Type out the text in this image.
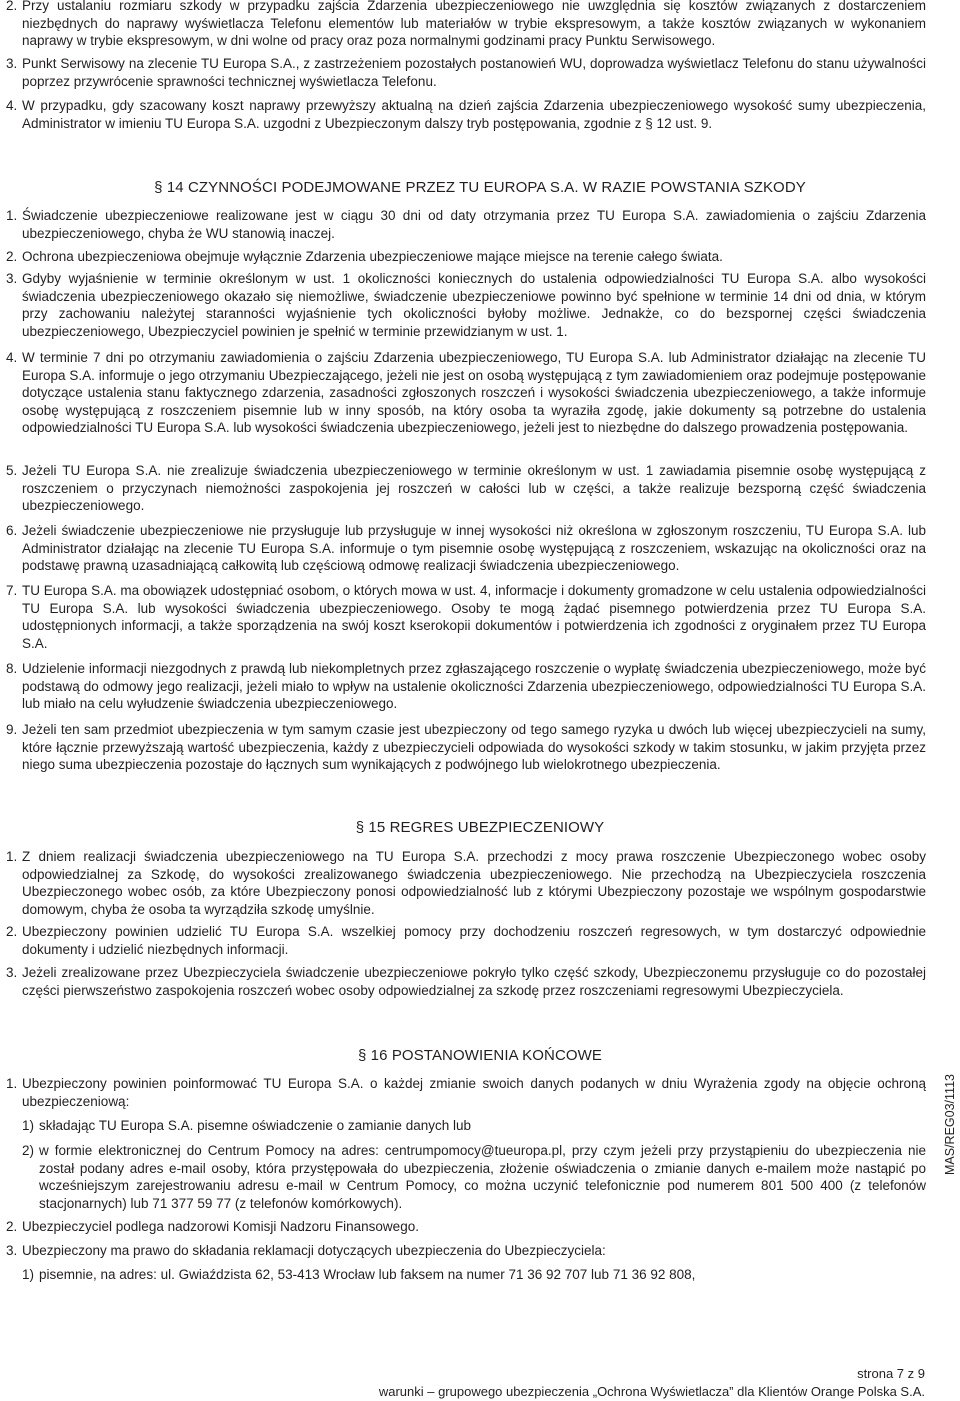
2. Przy ustalaniu rozmiaru szkody w przypadku zajścia Zdarzenia ubezpieczeniowego nie uwzględnia się kosztów związanych z dostarczeniem niezbędnych do naprawy wyświetlacza Telefonu elementów lub materiałów w trybie ekspresowym, a także kosztów związanych w wykonaniem naprawy w trybie ekspresowym, w dni wolne od pracy oraz poza normalnymi godzinami pracy Punktu Serwisowego.
3. Punkt Serwisowy na zlecenie TU Europa S.A., z zastrzeżeniem pozostałych postanowień WU, doprowadza wyświetlacz Telefonu do stanu używalności poprzez przywrócenie sprawności technicznej wyświetlacza Telefonu.
4. W przypadku, gdy szacowany koszt naprawy przewyższy aktualną na dzień zajścia Zdarzenia ubezpieczeniowego wysokość sumy ubezpieczenia, Administrator w imieniu TU Europa S.A. uzgodni z Ubezpieczonym dalszy tryb postępowania, zgodnie z § 12 ust. 9.
§ 14 CZYNNOŚCI PODEJMOWANE PRZEZ TU EUROPA S.A. W RAZIE POWSTANIA SZKODY
1. Świadczenie ubezpieczeniowe realizowane jest w ciągu 30 dni od daty otrzymania przez TU Europa S.A. zawiadomienia o zajściu Zdarzenia ubezpieczeniowego, chyba że WU stanowią inaczej.
2. Ochrona ubezpieczeniowa obejmuje wyłącznie Zdarzenia ubezpieczeniowe mające miejsce na terenie całego świata.
3. Gdyby wyjaśnienie w terminie określonym w ust. 1 okoliczności koniecznych do ustalenia odpowiedzialności TU Europa S.A. albo wysokości świadczenia ubezpieczeniowego okazało się niemożliwe, świadczenie ubezpieczeniowe powinno być spełnione w terminie 14 dni od dnia, w którym przy zachowaniu należytej staranności wyjaśnienie tych okoliczności byłoby możliwe. Jednakże, co do bezspornej części świadczenia ubezpieczeniowego, Ubezpieczyciel powinien je spełnić w terminie przewidzianym w ust. 1.
4. W terminie 7 dni po otrzymaniu zawiadomienia o zajściu Zdarzenia ubezpieczeniowego, TU Europa S.A. lub Administrator działając na zlecenie TU Europa S.A. informuje o jego otrzymaniu Ubezpieczającego, jeżeli nie jest on osobą występującą z tym zawiadomieniem oraz podejmuje postępowanie dotyczące ustalenia stanu faktycznego zdarzenia, zasadności zgłoszonych roszczeń i wysokości świadczenia ubezpieczeniowego, a także informuje osobę występującą z roszczeniem pisemnie lub w inny sposób, na który osoba ta wyraziła zgodę, jakie dokumenty są potrzebne do ustalenia odpowiedzialności TU Europa S.A. lub wysokości świadczenia ubezpieczeniowego, jeżeli jest to niezbędne do dalszego prowadzenia postępowania.
5. Jeżeli TU Europa S.A. nie zrealizuje świadczenia ubezpieczeniowego w terminie określonym w ust. 1 zawiadamia pisemnie osobę występującą z roszczeniem o przyczynach niemożności zaspokojenia jej roszczeń w całości lub w części, a także realizuje bezsporną część świadczenia ubezpieczeniowego.
6. Jeżeli świadczenie ubezpieczeniowe nie przysługuje lub przysługuje w innej wysokości niż określona w zgłoszonym roszczeniu, TU Europa S.A. lub Administrator działając na zlecenie TU Europa S.A. informuje o tym pisemnie osobę występującą z roszczeniem, wskazując na okoliczności oraz na podstawę prawną uzasadniającą całkowitą lub częściową odmowę realizacji świadczenia ubezpieczeniowego.
7. TU Europa S.A. ma obowiązek udostępniać osobom, o których mowa w ust. 4, informacje i dokumenty gromadzone w celu ustalenia odpowiedzialności TU Europa S.A. lub wysokości świadczenia ubezpieczeniowego. Osoby te mogą żądać pisemnego potwierdzenia przez TU Europa S.A. udostępnionych informacji, a także sporządzenia na swój koszt kserokopii dokumentów i potwierdzenia ich zgodności z oryginałem przez TU Europa S.A.
8. Udzielenie informacji niezgodnych z prawdą lub niekompletnych przez zgłaszającego roszczenie o wypłatę świadczenia ubezpieczeniowego, może być podstawą do odmowy jego realizacji, jeżeli miało to wpływ na ustalenie okoliczności Zdarzenia ubezpieczeniowego, odpowiedzialności TU Europa S.A. lub miało na celu wyłudzenie świadczenia ubezpieczeniowego.
9. Jeżeli ten sam przedmiot ubezpieczenia w tym samym czasie jest ubezpieczony od tego samego ryzyka u dwóch lub więcej ubezpieczycieli na sumy, które łącznie przewyższają wartość ubezpieczenia, każdy z ubezpieczycieli odpowiada do wysokości szkody w takim stosunku, w jakim przyjęta przez niego suma ubezpieczenia pozostaje do łącznych sum wynikających z podwójnego lub wielokrotnego ubezpieczenia.
§ 15 REGRES UBEZPIECZENIOWY
1. Z dniem realizacji świadczenia ubezpieczeniowego na TU Europa S.A. przechodzi z mocy prawa roszczenie Ubezpieczonego wobec osoby odpowiedzialnej za Szkodę, do wysokości zrealizowanego świadczenia ubezpieczeniowego. Nie przechodzą na Ubezpieczyciela roszczenia Ubezpieczonego wobec osób, za które Ubezpieczony ponosi odpowiedzialność lub z którymi Ubezpieczony pozostaje we wspólnym gospodarstwie domowym, chyba że osoba ta wyrządziła szkodę umyślnie.
2. Ubezpieczony powinien udzielić TU Europa S.A. wszelkiej pomocy przy dochodzeniu roszczeń regresowych, w tym dostarczyć odpowiednie dokumenty i udzielić niezbędnych informacji.
3. Jeżeli zrealizowane przez Ubezpieczyciela świadczenie ubezpieczeniowe pokryło tylko część szkody, Ubezpieczonemu przysługuje co do pozostałej części pierwszeństwo zaspokojenia roszczeń wobec osoby odpowiedzialnej za szkodę przez roszczeniami regresowymi Ubezpieczyciela.
§ 16 POSTANOWIENIA KOŃCOWE
1. Ubezpieczony powinien poinformować TU Europa S.A. o każdej zmianie swoich danych podanych w dniu Wyrażenia zgody na objęcie ochroną ubezpieczeniową:
1) składając TU Europa S.A. pisemne oświadczenie o zamianie danych lub
2) w formie elektronicznej do Centrum Pomocy na adres: centrumpomocy@tueuropa.pl, przy czym jeżeli przy przystąpieniu do ubezpieczenia nie został podany adres e-mail osoby, która przystępowała do ubezpieczenia, złożenie oświadczenia o zmianie danych e-mailem może nastąpić po wcześniejszym zarejestrowaniu adresu e-mail w Centrum Pomocy, co można uczynić telefonicznie pod numerem 801 500 400 (z telefonów stacjonarnych) lub 71 377 59 77 (z telefonów komórkowych).
2. Ubezpieczyciel podlega nadzorowi Komisji Nadzoru Finansowego.
3. Ubezpieczony ma prawo do składania reklamacji dotyczących ubezpieczenia do Ubezpieczyciela:
1) pisemnie, na adres: ul. Gwiaździsta 62, 53-413 Wrocław lub faksem na numer 71 36 92 707 lub 71 36 92 808,
MAS/REG03/1113
strona 7 z 9
warunki – grupowego ubezpieczenia „Ochrona Wyświetlacza” dla Klientów Orange Polska S.A.
